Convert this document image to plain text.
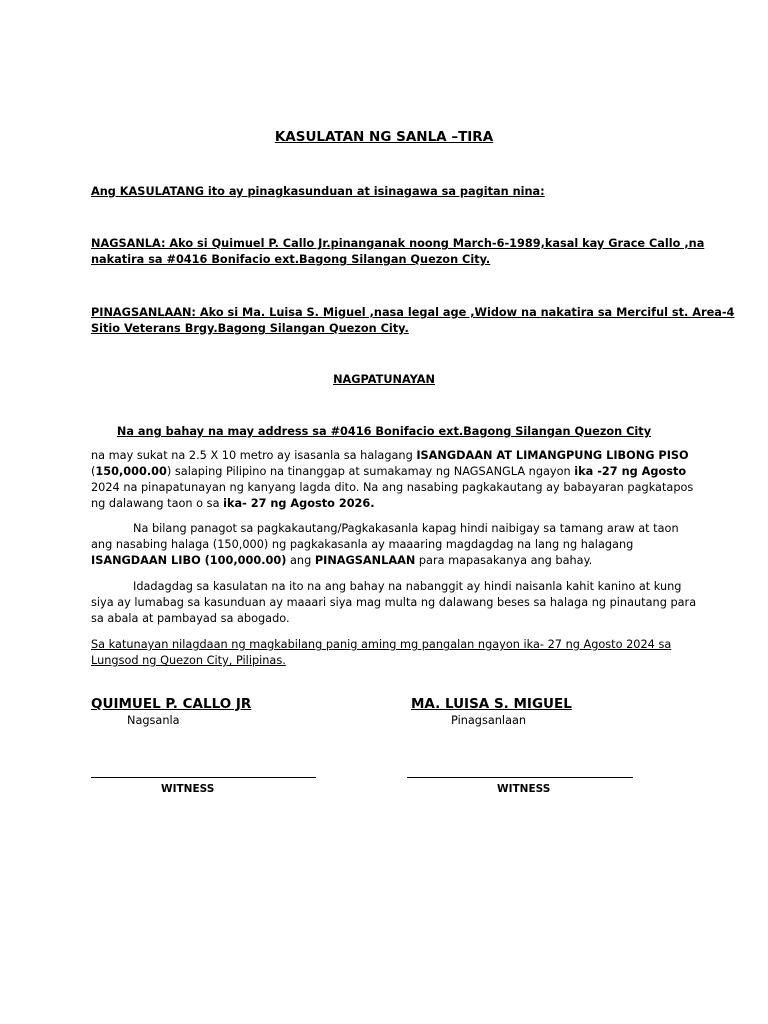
KASULATAN NG SANLA –TIRA
Ang KASULATANG ito ay pinagkasunduan at isinagawa sa pagitan nina:
NAGSANLA: Ako si Quimuel P. Callo Jr.pinanganak noong March-6-1989,kasal kay Grace Callo ,na
nakatira sa #0416 Bonifacio ext.Bagong Silangan Quezon City.
PINAGSANLAAN: Ako si Ma. Luisa S. Miguel ,nasa legal age ,Widow na nakatira sa Merciful st. Area-4
Sitio Veterans Brgy.Bagong Silangan Quezon City.
NAGPATUNAYAN
Na ang bahay na may address sa #0416 Bonifacio ext.Bagong Silangan Quezon City
na may sukat na 2.5 X 10 metro ay isasanla sa halagang ISANGDAAN AT LIMANGPUNG LIBONG PISO
(150,000.00) salaping Pilipino na tinanggap at sumakamay ng NAGSANGLA ngayon ika -27 ng Agosto
2024 na pinapatunayan ng kanyang lagda dito. Na ang nasabing pagkakautang ay babayaran pagkatapos
ng dalawang taon o sa ika- 27 ng Agosto 2026.
Na bilang panagot sa pagkakautang/Pagkakasanla kapag hindi naibigay sa tamang araw at taon
ang nasabing halaga (150,000) ng pagkakasanla ay maaaring magdagdag na lang ng halagang
ISANGDAAN LIBO (100,000.00) ang PINAGSANLAAN para mapasakanya ang bahay.
Idadagdag sa kasulatan na ito na ang bahay na nabanggit ay hindi naisanla kahit kanino at kung
siya ay lumabag sa kasunduan ay maaari siya mag multa ng dalawang beses sa halaga ng pinautang para
sa abala at pambayad sa abogado.
Sa katunayan nilagdaan ng magkabilang panig aming mg pangalan ngayon ika- 27 ng Agosto 2024 sa
Lungsod ng Quezon City, Pilipinas.
QUIMUEL P. CALLO JR
Nagsanla
MA. LUISA S. MIGUEL
Pinagsanlaan
WITNESS	WITNESS
